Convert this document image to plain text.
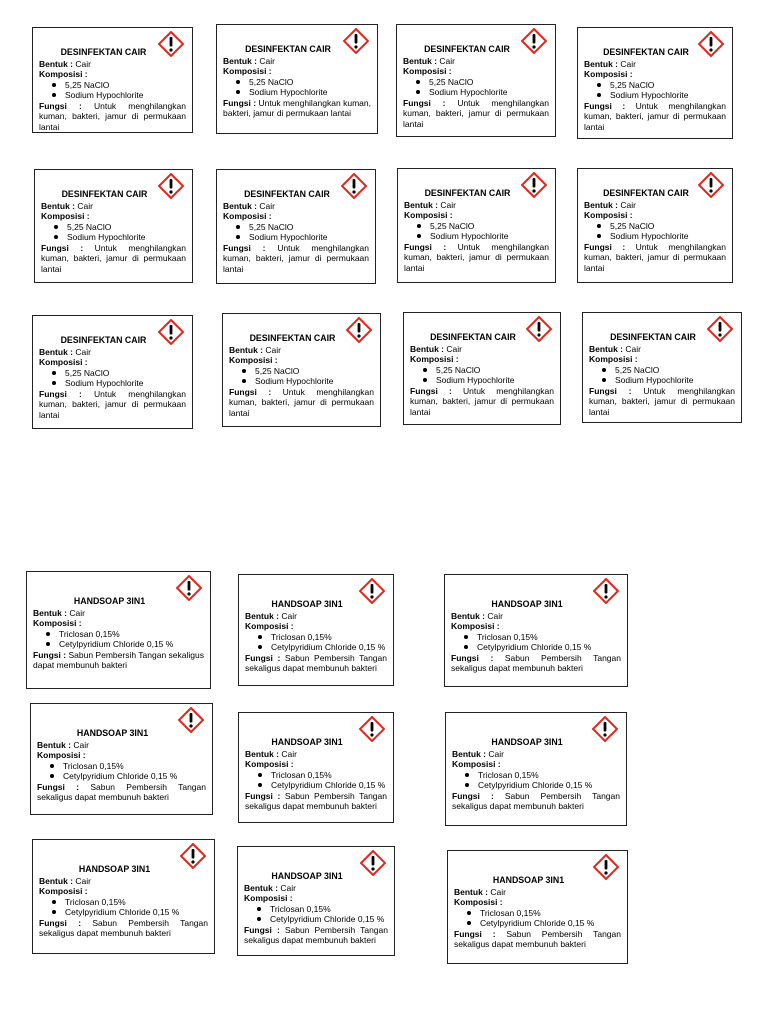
DESINFEKTAN CAIR
Bentuk : Cair
Komposisi :
5,25 NaClO
Sodium Hypochlorite
Fungsi : Untuk menghilangkan kuman, bakteri, jamur di permukaan lantai
DESINFEKTAN CAIR
Bentuk : Cair
Komposisi :
5,25 NaClO
Sodium Hypochlorite
Fungsi : Untuk menghilangkan kuman, bakteri, jamur di permukaan lantai
DESINFEKTAN CAIR
Bentuk : Cair
Komposisi :
5,25 NaClO
Sodium Hypochlorite
Fungsi : Untuk menghilangkan kuman, bakteri, jamur di permukaan lantai
DESINFEKTAN CAIR
Bentuk : Cair
Komposisi :
5,25 NaClO
Sodium Hypochlorite
Fungsi : Untuk menghilangkan kuman, bakteri, jamur di permukaan lantai
DESINFEKTAN CAIR
Bentuk : Cair
Komposisi :
5,25 NaClO
Sodium Hypochlorite
Fungsi : Untuk menghilangkan kuman, bakteri, jamur di permukaan lantai
DESINFEKTAN CAIR
Bentuk : Cair
Komposisi :
5,25 NaClO
Sodium Hypochlorite
Fungsi : Untuk menghilangkan kuman, bakteri, jamur di permukaan lantai
DESINFEKTAN CAIR
Bentuk : Cair
Komposisi :
5,25 NaClO
Sodium Hypochlorite
Fungsi : Untuk menghilangkan kuman, bakteri, jamur di permukaan lantai
DESINFEKTAN CAIR
Bentuk : Cair
Komposisi :
5,25 NaClO
Sodium Hypochlorite
Fungsi : Untuk menghilangkan kuman, bakteri, jamur di permukaan lantai
DESINFEKTAN CAIR
Bentuk : Cair
Komposisi :
5,25 NaClO
Sodium Hypochlorite
Fungsi : Untuk menghilangkan kuman, bakteri, jamur di permukaan lantai
DESINFEKTAN CAIR
Bentuk : Cair
Komposisi :
5,25 NaClO
Sodium Hypochlorite
Fungsi : Untuk menghilangkan kuman, bakteri, jamur di permukaan lantai
DESINFEKTAN CAIR
Bentuk : Cair
Komposisi :
5,25 NaClO
Sodium Hypochlorite
Fungsi : Untuk menghilangkan kuman, bakteri, jamur di permukaan lantai
DESINFEKTAN CAIR
Bentuk : Cair
Komposisi :
5,25 NaClO
Sodium Hypochlorite
Fungsi : Untuk menghilangkan kuman, bakteri, jamur di permukaan lantai
HANDSOAP 3IN1
Bentuk : Cair
Komposisi :
Triclosan 0,15%
Cetylpyridium Chloride 0,15 %
Fungsi : Sabun Pembersih Tangan sekaligus dapat membunuh bakteri
HANDSOAP 3IN1
Bentuk : Cair
Komposisi :
Triclosan 0,15%
Cetylpyridium Chloride 0,15 %
Fungsi : Sabun Pembersih Tangan sekaligus dapat membunuh bakteri
HANDSOAP 3IN1
Bentuk : Cair
Komposisi :
Triclosan 0,15%
Cetylpyridium Chloride 0,15 %
Fungsi : Sabun Pembersih Tangan sekaligus dapat membunuh bakteri
HANDSOAP 3IN1
Bentuk : Cair
Komposisi :
Triclosan 0,15%
Cetylpyridium Chloride 0,15 %
Fungsi : Sabun Pembersih Tangan sekaligus dapat membunuh bakteri
HANDSOAP 3IN1
Bentuk : Cair
Komposisi :
Triclosan 0,15%
Cetylpyridium Chloride 0,15 %
Fungsi : Sabun Pembersih Tangan sekaligus dapat membunuh bakteri
HANDSOAP 3IN1
Bentuk : Cair
Komposisi :
Triclosan 0,15%
Cetylpyridium Chloride 0,15 %
Fungsi : Sabun Pembersih Tangan sekaligus dapat membunuh bakteri
HANDSOAP 3IN1
Bentuk : Cair
Komposisi :
Triclosan 0,15%
Cetylpyridium Chloride 0,15 %
Fungsi : Sabun Pembersih Tangan sekaligus dapat membunuh bakteri
HANDSOAP 3IN1
Bentuk : Cair
Komposisi :
Triclosan 0,15%
Cetylpyridium Chloride 0,15 %
Fungsi : Sabun Pembersih Tangan sekaligus dapat membunuh bakteri
HANDSOAP 3IN1
Bentuk : Cair
Komposisi :
Triclosan 0,15%
Cetylpyridium Chloride 0,15 %
Fungsi : Sabun Pembersih Tangan sekaligus dapat membunuh bakteri
